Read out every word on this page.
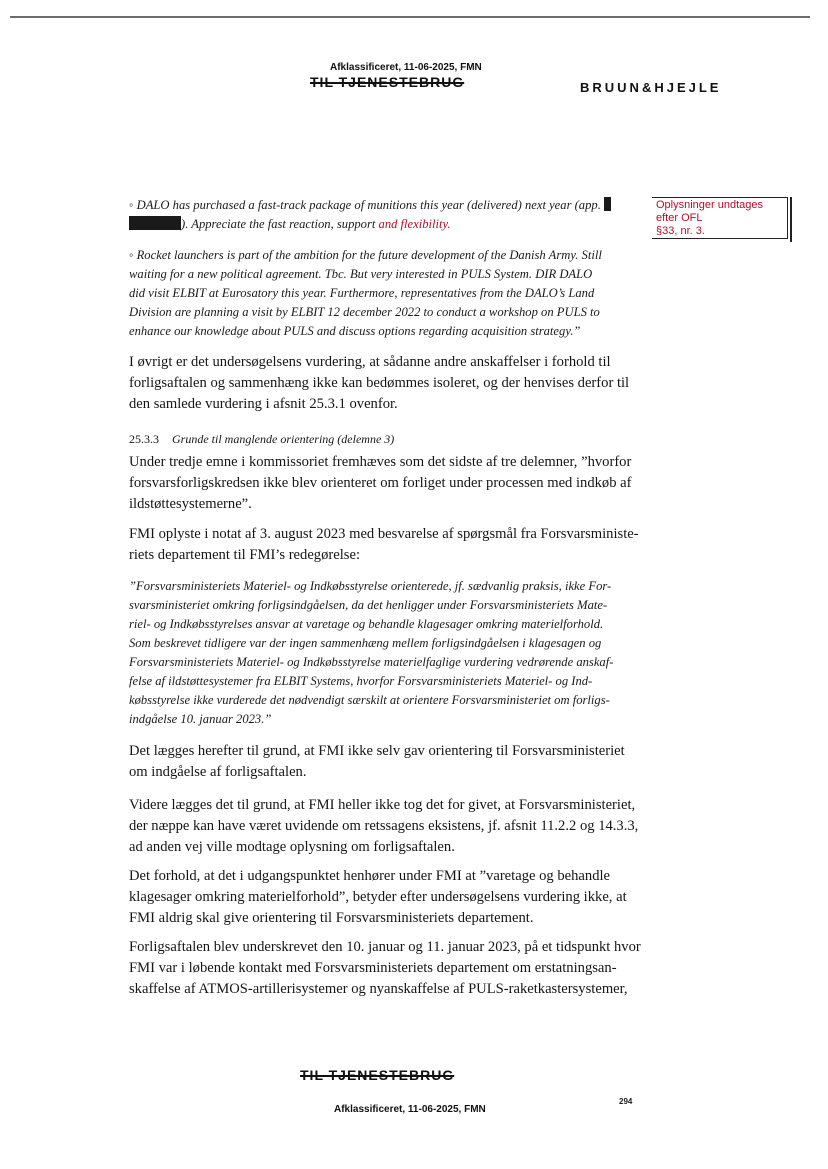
Afklassificeret, 11-06-2025, FMN
TIL TJENESTEBRUG	BRUUN&HJEJLE
◦ DALO has purchased a fast-track package of munitions this year (delivered) next year (app.
). Appreciate the fast reaction, support and flexibility.
Oplysninger undtages
efter OFL
§33, nr. 3.
◦ Rocket launchers is part of the ambition for the future development of the Danish Army. Still
waiting for a new political agreement. Tbc. But very interested in PULS System. DIR DALO
did visit ELBIT at Eurosatory this year. Furthermore, representatives from the DALO’s Land
Division are planning a visit by ELBIT 12 december 2022 to conduct a workshop on PULS to
enhance our knowledge about PULS and discuss options regarding acquisition strategy.”
I øvrigt er det undersøgelsens vurdering, at sådanne andre anskaffelser i forhold til
forligsaftalen og sammenhæng ikke kan bedømmes isoleret, og der henvises derfor til
den samlede vurdering i afsnit 25.3.1 ovenfor.
25.3.3 Grunde til manglende orientering (delemne 3)
Under tredje emne i kommissoriet fremhæves som det sidste af tre delemner, ”hvorfor
forsvarsforligskredsen ikke blev orienteret om forliget under processen med indkøb af
ildstøttesystemerne”.
FMI oplyste i notat af 3. august 2023 med besvarelse af spørgsmål fra Forsvarsministe-
riets departement til FMI’s redegørelse:
”Forsvarsministeriets Materiel- og Indkøbsstyrelse orienterede, jf. sædvanlig praksis, ikke For-
svarsministeriet omkring forligsindgåelsen, da det henligger under Forsvarsministeriets Mate-
riel- og Indkøbsstyrelses ansvar at varetage og behandle klagesager omkring materielforhold.
Som beskrevet tidligere var der ingen sammenhæng mellem forligsindgåelsen i klagesagen og
Forsvarsministeriets Materiel- og Indkøbsstyrelse materielfaglige vurdering vedrørende anskaf-
felse af ildstøttesystemer fra ELBIT Systems, hvorfor Forsvarsministeriets Materiel- og Ind-
købsstyrelse ikke vurderede det nødvendigt særskilt at orientere Forsvarsministeriet om forligs-
indgåelse 10. januar 2023.”
Det lægges herefter til grund, at FMI ikke selv gav orientering til Forsvarsministeriet
om indgåelse af forligsaftalen.
Videre lægges det til grund, at FMI heller ikke tog det for givet, at Forsvarsministeriet,
der næppe kan have været uvidende om retssagens eksistens, jf. afsnit 11.2.2 og 14.3.3,
ad anden vej ville modtage oplysning om forligsaftalen.
Det forhold, at det i udgangspunktet henhører under FMI at ”varetage og behandle
klagesager omkring materielforhold”, betyder efter undersøgelsens vurdering ikke, at
FMI aldrig skal give orientering til Forsvarsministeriets departement.
Forligsaftalen blev underskrevet den 10. januar og 11. januar 2023, på et tidspunkt hvor
FMI var i løbende kontakt med Forsvarsministeriets departement om erstatningsan-
skaffelse af ATMOS-artillerisystemer og nyanskaffelse af PULS-raketkastersystemer,
TIL TJENESTEBRUG
294
Afklassificeret, 11-06-2025, FMN
